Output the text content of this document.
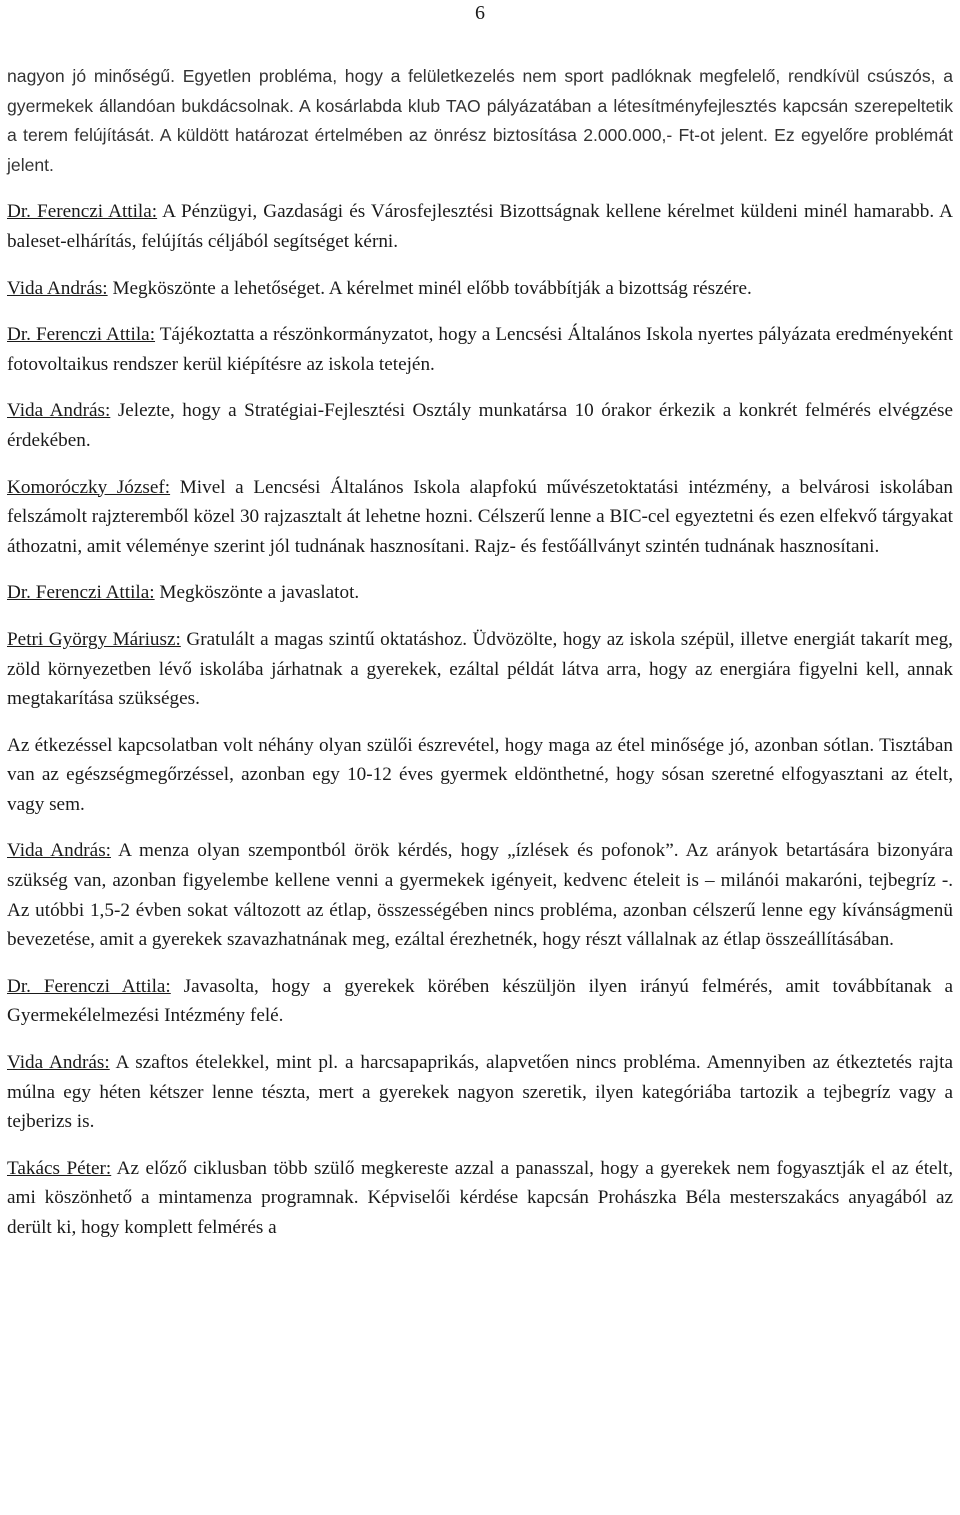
6

nagyon jó minőségű. Egyetlen probléma, hogy a felületkezelés nem sport padlóknak megfelelő, rendkívül csúszós, a gyermekek állandóan bukdácsolnak. A kosárlabda klub TAO pályázatában a létesítményfejlesztés kapcsán szerepeltetik a terem felújítását. A küldött határozat értelmében az önrész biztosítása 2.000.000,- Ft-ot jelent. Ez egyelőre problémát jelent.

Dr. Ferenczi Attila: A Pénzügyi, Gazdasági és Városfejlesztési Bizottságnak kellene kérelmet küldeni minél hamarabb. A baleset-elhárítás, felújítás céljából segítséget kérni.

Vida András: Megköszönte a lehetőséget. A kérelmet minél előbb továbbítják a bizottság részére.

Dr. Ferenczi Attila: Tájékoztatta a részönkormányzatot, hogy a Lencsési Általános Iskola nyertes pályázata eredményeként fotovoltaikus rendszer kerül kiépítésre az iskola tetején.

Vida András: Jelezte, hogy a Stratégiai-Fejlesztési Osztály munkatársa 10 órakor érkezik a konkrét felmérés elvégzése érdekében.

Komoróczky József: Mivel a Lencsési Általános Iskola alapfokú művészetoktatási intézmény, a belvárosi iskolában felszámolt rajzteremből közel 30 rajzasztalt át lehetne hozni. Célszerű lenne a BIC-cel egyeztetni és ezen elfekvő tárgyakat áthozatni, amit véleménye szerint jól tudnának hasznosítani. Rajz- és festőállványt szintén tudnának hasznosítani.

Dr. Ferenczi Attila: Megköszönte a javaslatot.

Petri György Máriusz: Gratulált a magas szintű oktatáshoz. Üdvözölte, hogy az iskola szépül, illetve energiát takarít meg, zöld környezetben lévő iskolába járhatnak a gyerekek, ezáltal példát látva arra, hogy az energiára figyelni kell, annak megtakarítása szükséges.

Az étkezéssel kapcsolatban volt néhány olyan szülői észrevétel, hogy maga az étel minősége jó, azonban sótlan. Tisztában van az egészségmegőrzéssel, azonban egy 10-12 éves gyermek eldönthetné, hogy sósan szeretné elfogyasztani az ételt, vagy sem.

Vida András: A menza olyan szempontból örök kérdés, hogy „ízlések és pofonok”. Az arányok betartására bizonyára szükség van, azonban figyelembe kellene venni a gyermekek igényeit, kedvenc ételeit is – milánói makaróni, tejbegríz -. Az utóbbi 1,5-2 évben sokat változott az étlap, összességében nincs probléma, azonban célszerű lenne egy kívánságmenü bevezetése, amit a gyerekek szavazhatnának meg, ezáltal érezhetnék, hogy részt vállalnak az étlap összeállításában.

Dr. Ferenczi Attila: Javasolta, hogy a gyerekek körében készüljön ilyen irányú felmérés, amit továbbítanak a Gyermekélelmezési Intézmény felé.

Vida András: A szaftos ételekkel, mint pl. a harcsapaprikás, alapvetően nincs probléma. Amennyiben az étkeztetés rajta múlna egy héten kétszer lenne tészta, mert a gyerekek nagyon szeretik, ilyen kategóriába tartozik a tejbegríz vagy a tejberizs is.

Takács Péter: Az előző ciklusban több szülő megkereste azzal a panasszal, hogy a gyerekek nem fogyasztják el az ételt, ami köszönhető a mintamenza programnak. Képviselői kérdése kapcsán Prohászka Béla mesterszakács anyagából az derült ki, hogy komplett felmérés a
